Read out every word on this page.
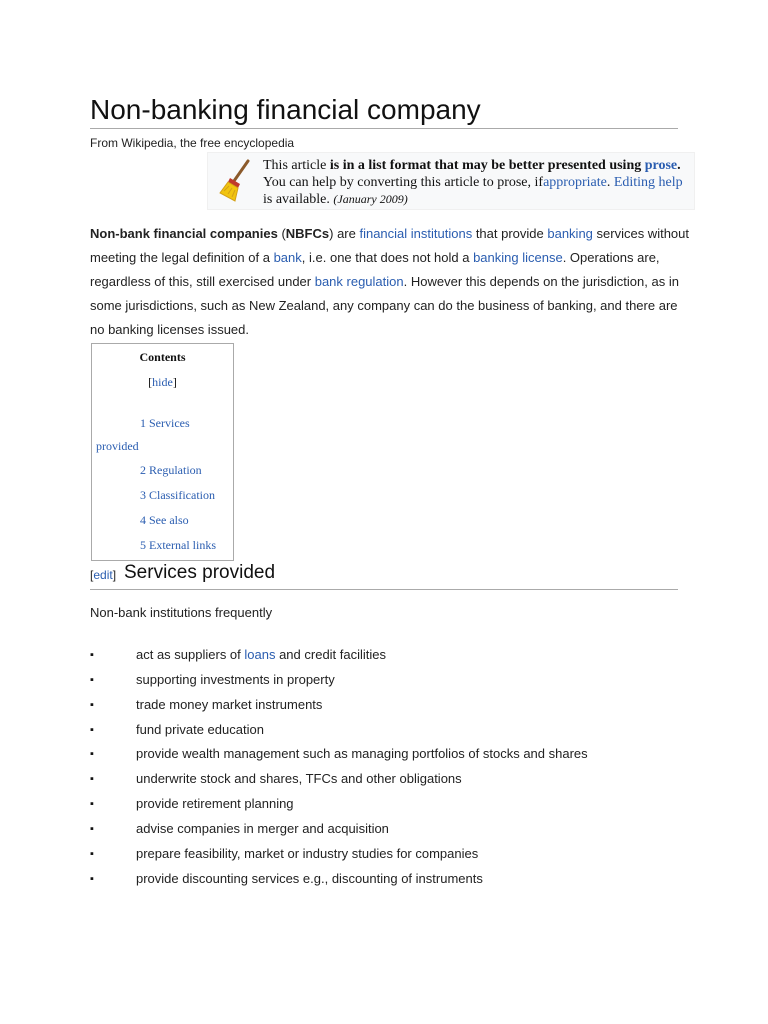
Non-banking financial company
From Wikipedia, the free encyclopedia
This article is in a list format that may be better presented using prose. You can help by converting this article to prose, ifappropriate. Editing help is available. (January 2009)

Non-bank financial companies (NBFCs) are financial institutions that provide banking services without meeting the legal definition of a bank, i.e. one that does not hold a banking license. Operations are, regardless of this, still exercised under bank regulation. However this depends on the jurisdiction, as in some jurisdictions, such as New Zealand, any company can do the business of banking, and there are no banking licenses issued.

Contents
[hide]
1 Services provided
2 Regulation
3 Classification
4 See also
5 External links
[edit] Services provided
Non-bank institutions frequently
▪	act as suppliers of loans and credit facilities
▪	supporting investments in property
▪	trade money market instruments
▪	fund private education
▪	provide wealth management such as managing portfolios of stocks and shares
▪	underwrite stock and shares, TFCs and other obligations
▪	provide retirement planning
▪	advise companies in merger and acquisition
▪	prepare feasibility, market or industry studies for companies
▪	provide discounting services e.g., discounting of instruments
